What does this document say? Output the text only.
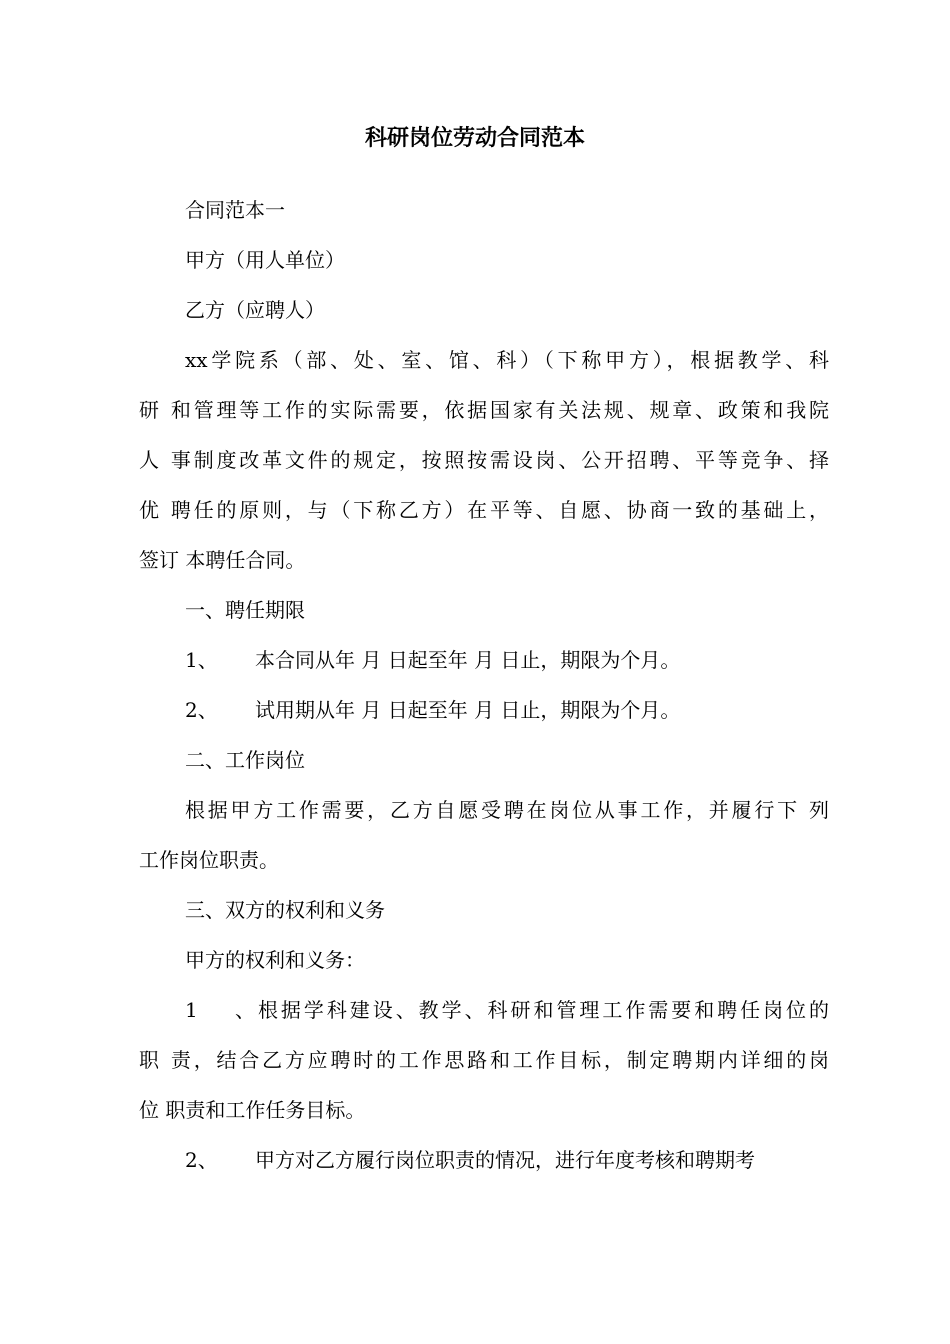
科研岗位劳动合同范本

合同范本一

甲方（用人单位）

乙方（应聘人）

xx学院系（部、处、室、馆、科）（下称甲方），根据教学、科

研 和管理等工作的实际需要，依据国家有关法规、规章、政策和我院

人 事制度改革文件的规定，按照按需设岗、公开招聘、平等竞争、择

优 聘任的原则，与（下称乙方）在平等、自愿、协商一致的基础上，

签订 本聘任合同。

一、聘任期限

1、 本合同从年 月 日起至年 月 日止，期限为个月。

2、 试用期从年 月 日起至年 月 日止，期限为个月。

二、工作岗位

根据甲方工作需要，乙方自愿受聘在岗位从事工作，并履行下 列

工作岗位职责。

三、双方的权利和义务

甲方的权利和义务：

1、根据学科建设、教学、科研和管理工作需要和聘任岗位的

职 责，结合乙方应聘时的工作思路和工作目标，制定聘期内详细的岗

位 职责和工作任务目标。

2、 甲方对乙方履行岗位职责的情况，进行年度考核和聘期考
